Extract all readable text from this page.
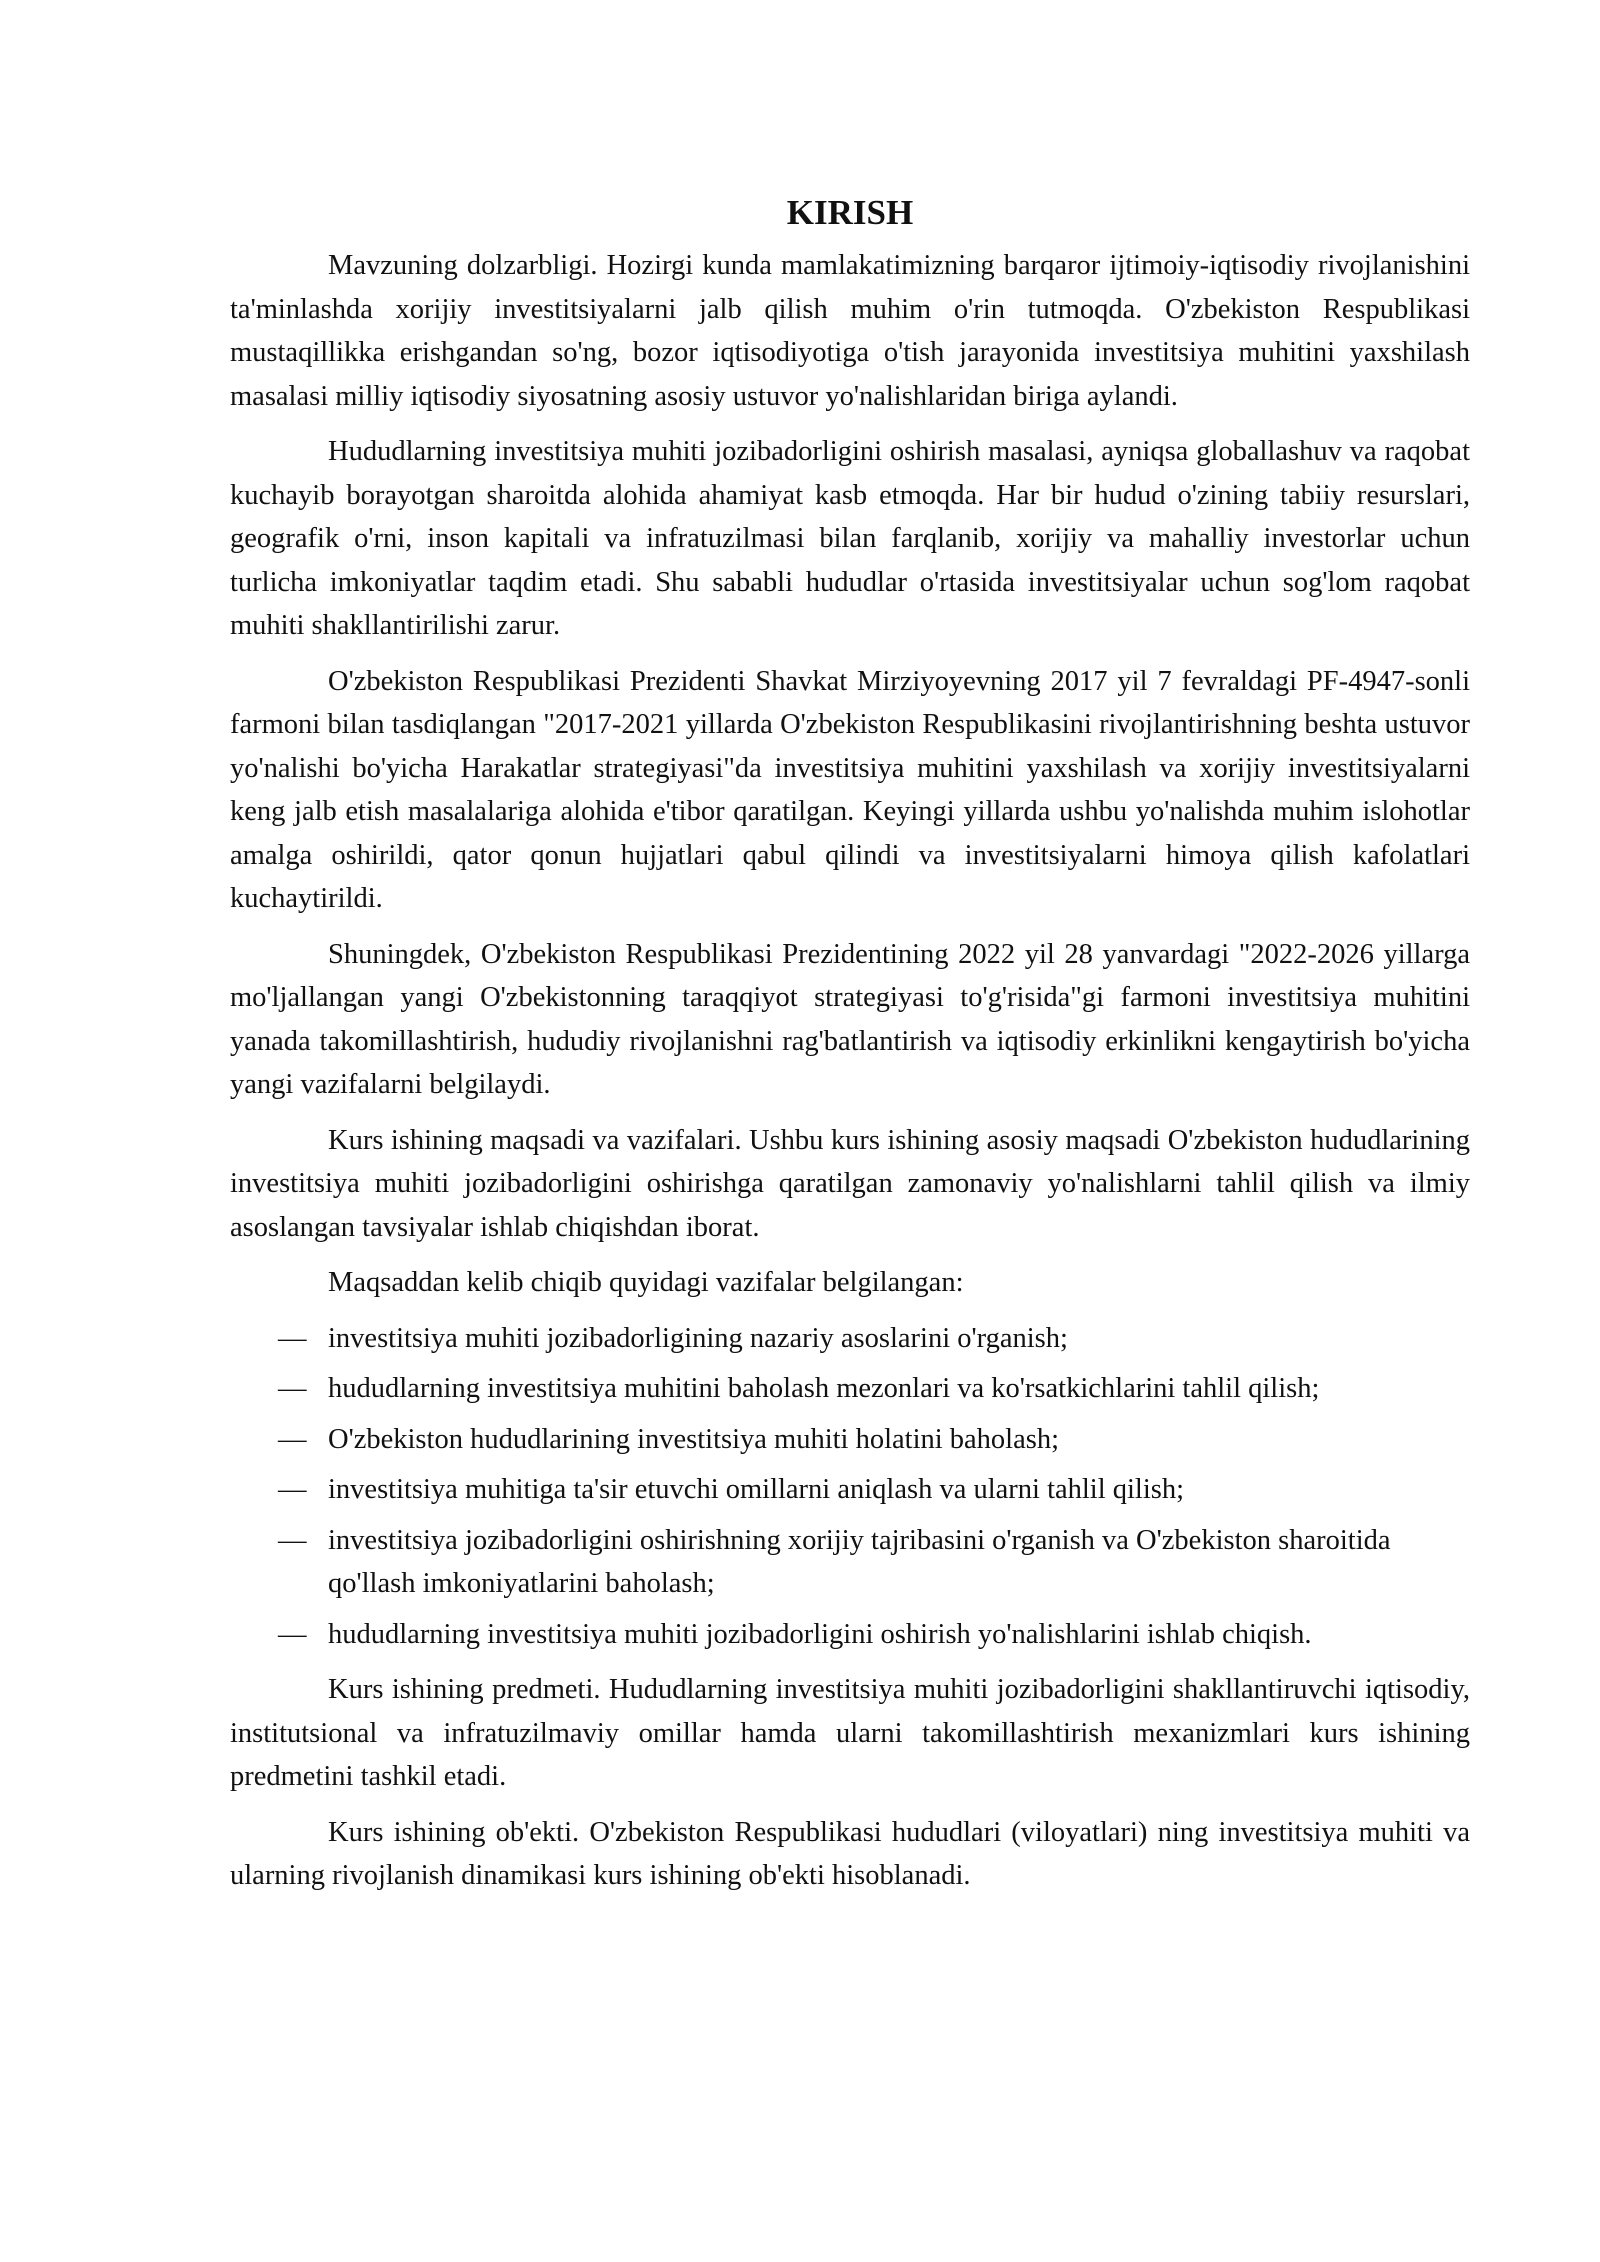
KIRISH

Mavzuning dolzarbligi. Hozirgi kunda mamlakatimizning barqaror ijtimoiy-iqtisodiy rivojlanishini ta'minlashda xorijiy investitsiyalarni jalb qilish muhim o'rin tutmoqda. O'zbekiston Respublikasi mustaqillikka erishgandan so'ng, bozor iqtisodiyotiga o'tish jarayonida investitsiya muhitini yaxshilash masalasi milliy iqtisodiy siyosatning asosiy ustuvor yo'nalishlaridan biriga aylandi.

Hududlarning investitsiya muhiti jozibadorligini oshirish masalasi, ayniqsa globallashuv va raqobat kuchayib borayotgan sharoitda alohida ahamiyat kasb etmoqda. Har bir hudud o'zining tabiiy resurslari, geografik o'rni, inson kapitali va infratuzilmasi bilan farqlanib, xorijiy va mahalliy investorlar uchun turlicha imkoniyatlar taqdim etadi. Shu sababli hududlar o'rtasida investitsiyalar uchun sog'lom raqobat muhiti shakllantirilishi zarur.

O'zbekiston Respublikasi Prezidenti Shavkat Mirziyoyevning 2017 yil 7 fevraldagi PF-4947-sonli farmoni bilan tasdiqlangan "2017-2021 yillarda O'zbekiston Respublikasini rivojlantirishning beshta ustuvor yo'nalishi bo'yicha Harakatlar strategiyasi"da investitsiya muhitini yaxshilash va xorijiy investitsiyalarni keng jalb etish masalalariga alohida e'tibor qaratilgan. Keyingi yillarda ushbu yo'nalishda muhim islohotlar amalga oshirildi, qator qonun hujjatlari qabul qilindi va investitsiyalarni himoya qilish kafolatlari kuchaytirildi.

Shuningdek, O'zbekiston Respublikasi Prezidentining 2022 yil 28 yanvardagi "2022-2026 yillarga mo'ljallangan yangi O'zbekistonning taraqqiyot strategiyasi to'g'risida"gi farmoni investitsiya muhitini yanada takomillashtirish, hududiy rivojlanishni rag'batlantirish va iqtisodiy erkinlikni kengaytirish bo'yicha yangi vazifalarni belgilaydi.

Kurs ishining maqsadi va vazifalari. Ushbu kurs ishining asosiy maqsadi O'zbekiston hududlarining investitsiya muhiti jozibadorligini oshirishga qaratilgan zamonaviy yo'nalishlarni tahlil qilish va ilmiy asoslangan tavsiyalar ishlab chiqishdan iborat.

Maqsaddan kelib chiqib quyidagi vazifalar belgilangan:

— investitsiya muhiti jozibadorligining nazariy asoslarini o'rganish;
— hududlarning investitsiya muhitini baholash mezonlari va ko'rsatkichlarini tahlil qilish;
— O'zbekiston hududlarining investitsiya muhiti holatini baholash;
— investitsiya muhitiga ta'sir etuvchi omillarni aniqlash va ularni tahlil qilish;
— investitsiya jozibadorligini oshirishning xorijiy tajribasini o'rganish va O'zbekiston sharoitida qo'llash imkoniyatlarini baholash;
— hududlarning investitsiya muhiti jozibadorligini oshirish yo'nalishlarini ishlab chiqish.

Kurs ishining predmeti. Hududlarning investitsiya muhiti jozibadorligini shakllantiruvchi iqtisodiy, institutsional va infratuzilmaviy omillar hamda ularni takomillashtirish mexanizmlari kurs ishining predmetini tashkil etadi.

Kurs ishining ob'ekti. O'zbekiston Respublikasi hududlari (viloyatlari) ning investitsiya muhiti va ularning rivojlanish dinamikasi kurs ishining ob'ekti hisoblanadi.
